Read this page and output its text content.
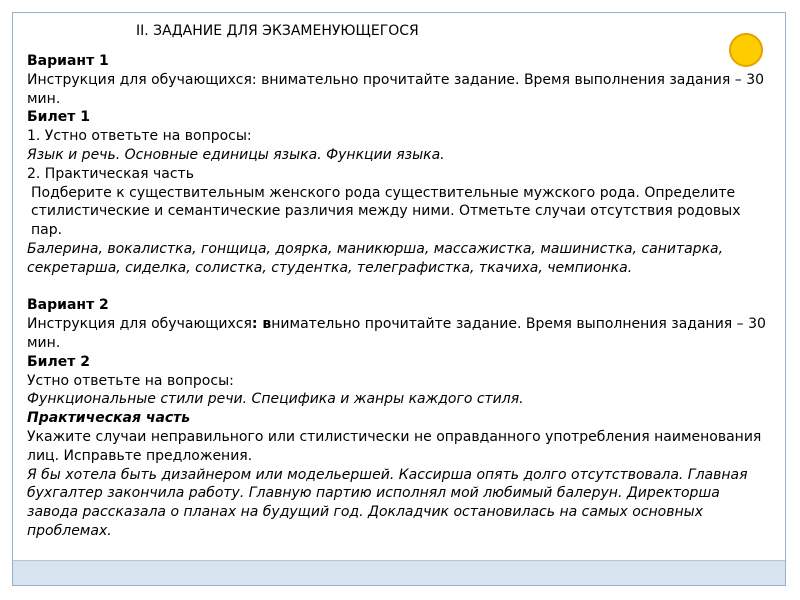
II. ЗАДАНИЕ ДЛЯ ЭКЗАМЕНУЮЩЕГОСЯ

Вариант 1

Инструкция для обучающихся: внимательно прочитайте задание. Время выполнения задания – 30 мин.

Билет 1

1. Устно ответьте на вопросы:

Язык и речь. Основные единицы языка. Функции языка.

2. Практическая часть

Подберите к существительным женского рода существительные мужского рода. Определите стилистические и семантические различия между ними. Отметьте случаи отсутствия родовых пар.

Балерина, вокалистка, гонщица, доярка, маникюрша, массажистка, машинистка, санитарка, секретарша, сиделка, солистка, студентка, телеграфистка, ткачиха, чемпионка.

Вариант 2

Инструкция для обучающихся: внимательно прочитайте задание. Время выполнения задания – 30 мин.

Билет 2

Устно ответьте на вопросы:

Функциональные стили речи. Специфика и жанры каждого стиля.

Практическая часть

Укажите случаи неправильного или стилистически не оправданного употребления наименования лиц. Исправьте предложения.

Я бы хотела быть дизайнером или модельершей. Кассирша опять долго отсутствовала. Главная бухгалтер закончила работу. Главную партию исполнял мой любимый балерун. Директорша завода рассказала о планах на будущий год. Докладчик остановилась на самых основных проблемах.
